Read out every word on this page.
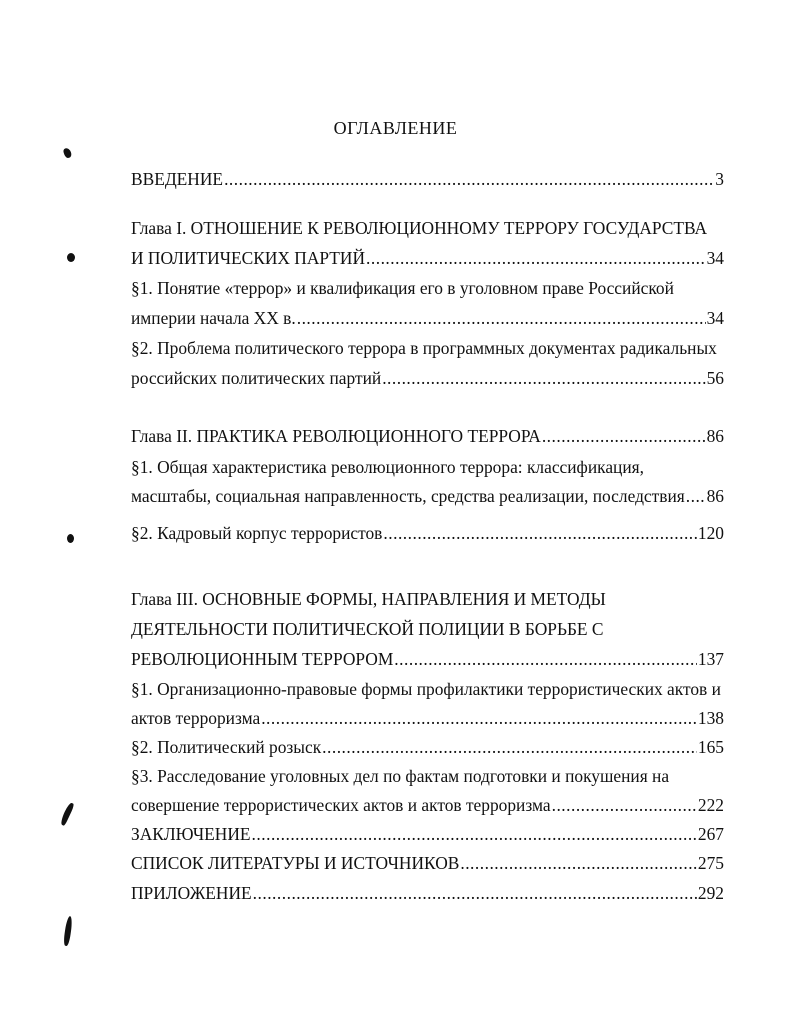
ОГЛАВЛЕНИЕ
ВВЕДЕНИЕ .....	3
Глава I. ОТНОШЕНИЕ К РЕВОЛЮЦИОННОМУ ТЕРРОРУ ГОСУДАРСТВА
И ПОЛИТИЧЕСКИХ ПАРТИЙ .....	34
§1. Понятие «террор» и квалификация его в уголовном праве Российской
империи начала XX в. .....	34
§2. Проблема политического террора в программных документах радикальных
российских политических партий .....	56
Глава II. ПРАКТИКА РЕВОЛЮЦИОННОГО ТЕРРОРА .....	86
§1. Общая характеристика революционного террора: классификация,
масштабы, социальная направленность, средства реализации, последствия ..... 86
§2. Кадровый корпус террористов .....	120
Глава III. ОСНОВНЫЕ ФОРМЫ, НАПРАВЛЕНИЯ И МЕТОДЫ
ДЕЯТЕЛЬНОСТИ ПОЛИТИЧЕСКОЙ ПОЛИЦИИ В БОРЬБЕ С
РЕВОЛЮЦИОННЫМ ТЕРРОРОМ .....	137
§1. Организационно-правовые формы профилактики террористических актов и
актов терроризма .....	138
§2. Политический розыск .....	165
§3. Расследование уголовных дел по фактам подготовки и покушения на
совершение террористических актов и актов терроризма .....	222
ЗАКЛЮЧЕНИЕ .....	267
СПИСОК ЛИТЕРАТУРЫ И ИСТОЧНИКОВ .....	275
ПРИЛОЖЕНИЕ .....	292
